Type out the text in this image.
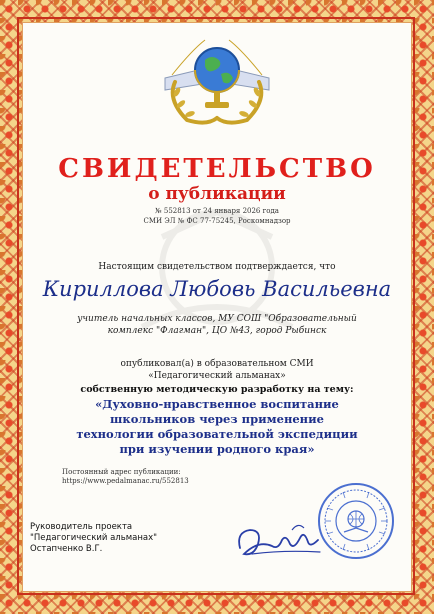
СВИДЕТЕЛЬСТВО
о публикации
№ 552813 от 24 января 2026 года
СМИ ЭЛ № ФС 77-75245, Роскомнадзор
Настоящим свидетельством подтверждается, что
Кириллова Любовь Васильевна
учитель начальных классов, МУ СОШ "Образовательный комплекс "Флагман", ЦО №43, город Рыбинск
опубликовал(а) в образовательном СМИ
«Педагогический альманах»
собственную методическую разработку на тему:
«Духовно-нравственное воспитание школьников через применение технологии образовательной экспедиции при изучении родного края»
Постоянный адрес публикации:
https://www.pedalmanac.ru/552813
Руководитель проекта
"Педагогический альманах"
Остапченко В.Г.
